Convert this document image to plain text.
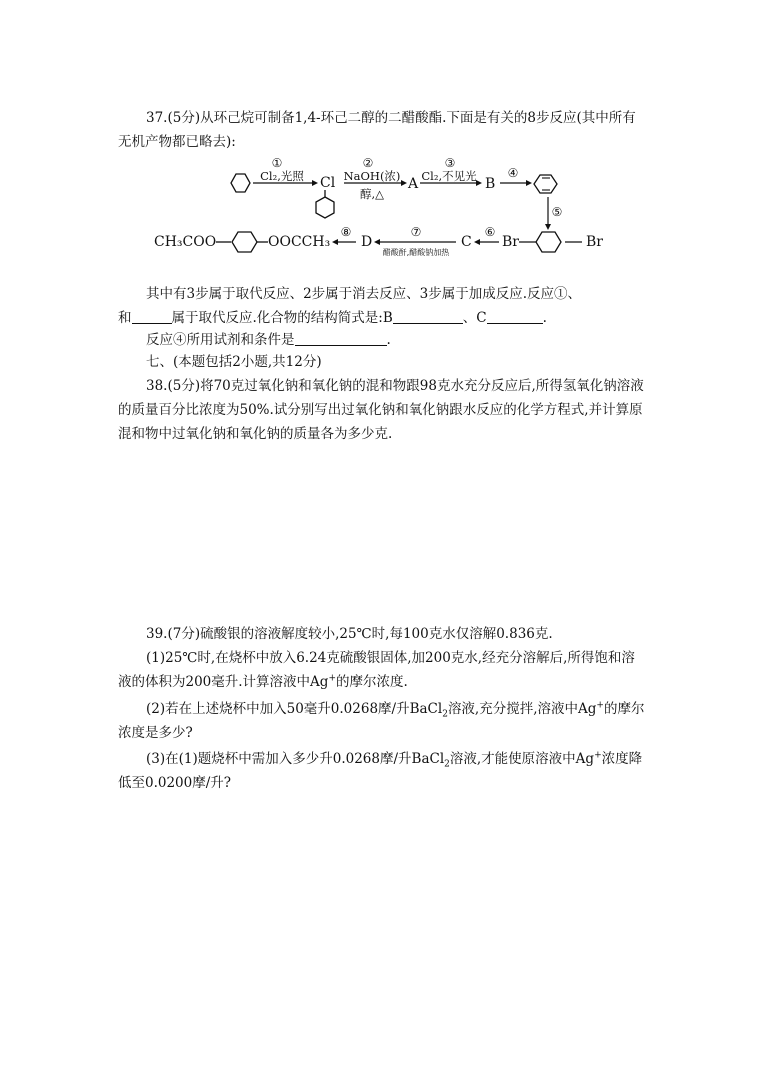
37.(5分)从环己烷可制备1,4-环己二醇的二醋酸酯.下面是有关的8步反应(其中所有

无机产物都已略去):

①
Cl₂,光照 Cl
②
NaOH(浓)
醇,△
A
③
Cl₂,不见光 B
④
⑤
Br
Br
⑥
C
⑦
醋酸酐,醋酸钠加热
D
⑧
CH₃COO	OOCCH₃

其中有3步属于取代反应、2步属于消去反应、3步属于加成反应.反应①、

和	属于取代反应.化合物的结构简式是:B	、C	.

反应④所用试剂和条件是	.

七、(本题包括2小题,共12分)

38.(5分)将70克过氧化钠和氧化钠的混和物跟98克水充分反应后,所得氢氧化钠溶液

的质量百分比浓度为50%.试分别写出过氧化钠和氧化钠跟水反应的化学方程式,并计算原

混和物中过氧化钠和氧化钠的质量各为多少克.

39.(7分)硫酸银的溶液解度较小,25℃时,每100克水仅溶解0.836克.

(1)25℃时,在烧杯中放入6.24克硫酸银固体,加200克水,经充分溶解后,所得饱和溶

液的体积为200毫升.计算溶液中Ag+的摩尔浓度.

(2)若在上述烧杯中加入50毫升0.0268摩/升BaCl$_2$溶液,充分搅拌,溶液中Ag+的摩尔

浓度是多少?

(3)在(1)题烧杯中需加入多少升0.0268摩/升BaCl$_2$溶液,才能使原溶液中Ag+浓度降

低至0.0200摩/升?
